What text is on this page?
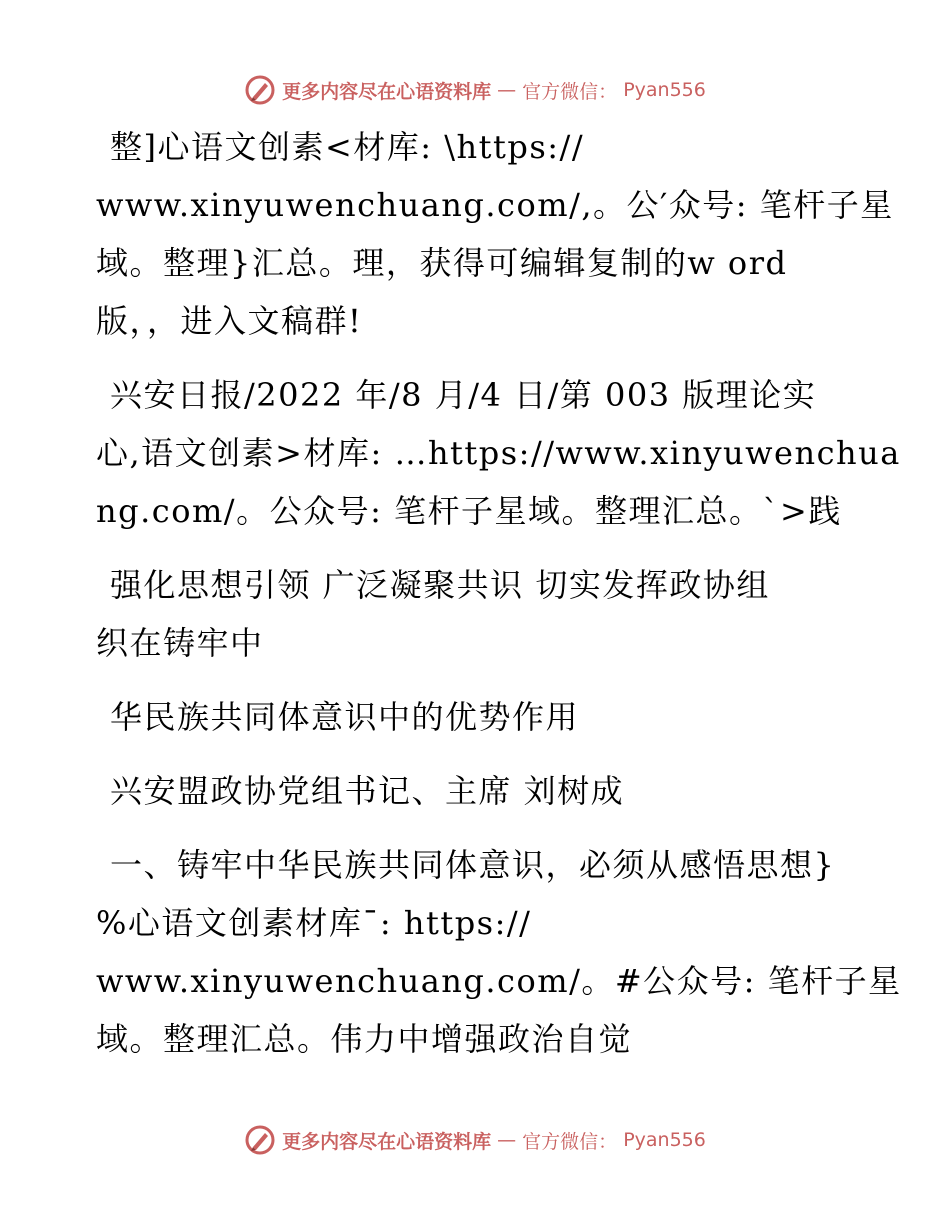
更多内容尽在心语资料库 — 官方微信： Pyan556
整]心语文创素<材库: \https://
www.xinyuwenchuang.com/,。公′众号: 笔杆子星
域。整理}汇总。理，获得可编辑复制的w ord
版，，进入文稿群!
兴安日报/2022 年/8 月/4 日/第 003 版理论实
心,语文创素>材库: …https://www.xinyuwenchua
ng.com/。公众号: 笔杆子星域。整理汇总。`>践
强化思想引领 广泛凝聚共识 切实发挥政协组
织在铸牢中
华民族共同体意识中的优势作用
兴安盟政协党组书记、主席 刘树成
一、铸牢中华民族共同体意识，必须从感悟思想}
%心语文创素材库¯: https://
www.xinyuwenchuang.com/。#公众号: 笔杆子星
域。整理汇总。伟力中增强政治自觉
更多内容尽在心语资料库 — 官方微信： Pyan556
